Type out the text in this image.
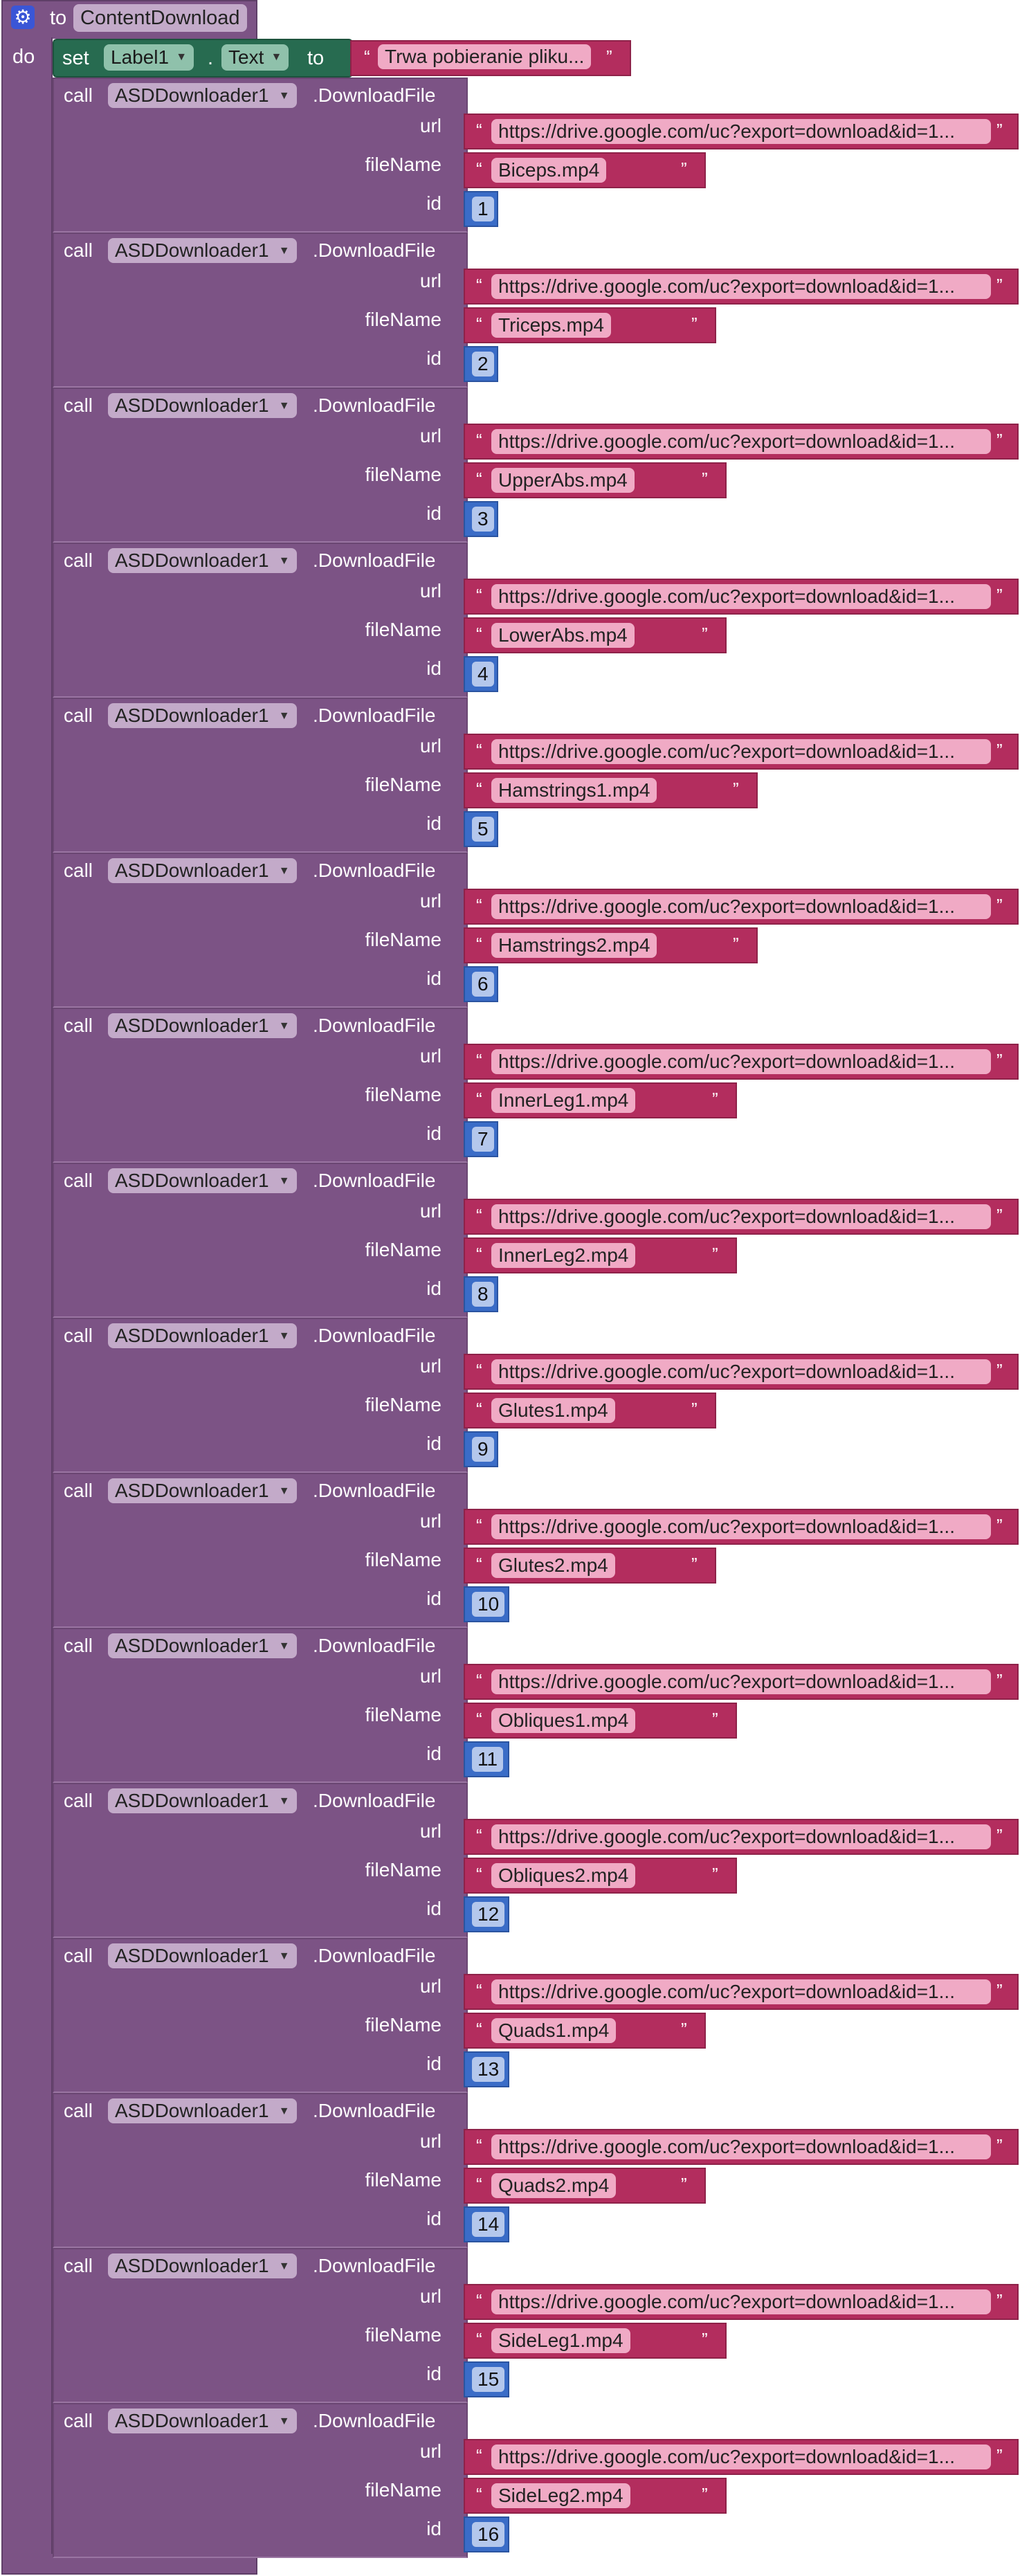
⚙ to ContentDownload
do set	Label1 ▼ . Text ▼ to “ Trwa pobieranie pliku...	”
call	ASDDownloader1 ▼ .DownloadFile
url “ https://drive.google.com/uc?export=download&id=1...	”
fileName “ Biceps.mp4	”
id 1
call	ASDDownloader1 ▼ .DownloadFile
url “ https://drive.google.com/uc?export=download&id=1...	”
fileName “ Triceps.mp4	”
id 2
call	ASDDownloader1 ▼ .DownloadFile
url “ https://drive.google.com/uc?export=download&id=1...	”
fileName “ UpperAbs.mp4	”
id 3
call	ASDDownloader1 ▼ .DownloadFile
url “ https://drive.google.com/uc?export=download&id=1...	”
fileName “ LowerAbs.mp4	”
id 4
call	ASDDownloader1 ▼ .DownloadFile
url “ https://drive.google.com/uc?export=download&id=1...	”
fileName “ Hamstrings1.mp4	”
id 5
call	ASDDownloader1 ▼ .DownloadFile
url “ https://drive.google.com/uc?export=download&id=1...	”
fileName “ Hamstrings2.mp4	”
id 6
call	ASDDownloader1 ▼ .DownloadFile
url “ https://drive.google.com/uc?export=download&id=1...	”
fileName “ InnerLeg1.mp4	”
id 7
call	ASDDownloader1 ▼ .DownloadFile
url “ https://drive.google.com/uc?export=download&id=1...	”
fileName “ InnerLeg2.mp4	”
id 8
call	ASDDownloader1 ▼ .DownloadFile
url “ https://drive.google.com/uc?export=download&id=1...	”
fileName “ Glutes1.mp4	”
id 9
call	ASDDownloader1 ▼ .DownloadFile
url “ https://drive.google.com/uc?export=download&id=1...	”
fileName “ Glutes2.mp4	”
id 10
call	ASDDownloader1 ▼ .DownloadFile
url “ https://drive.google.com/uc?export=download&id=1...	”
fileName “ Obliques1.mp4	”
id 11
call	ASDDownloader1 ▼ .DownloadFile
url “ https://drive.google.com/uc?export=download&id=1...	”
fileName “ Obliques2.mp4	”
id 12
call	ASDDownloader1 ▼ .DownloadFile
url “ https://drive.google.com/uc?export=download&id=1...	”
fileName “ Quads1.mp4	”
id 13
call	ASDDownloader1 ▼ .DownloadFile
url “ https://drive.google.com/uc?export=download&id=1...	”
fileName “ Quads2.mp4	”
id 14
call	ASDDownloader1 ▼ .DownloadFile
url “ https://drive.google.com/uc?export=download&id=1...	”
fileName “ SideLeg1.mp4	”
id 15
call	ASDDownloader1 ▼ .DownloadFile
url “ https://drive.google.com/uc?export=download&id=1...	”
fileName “ SideLeg2.mp4	”
id 16
